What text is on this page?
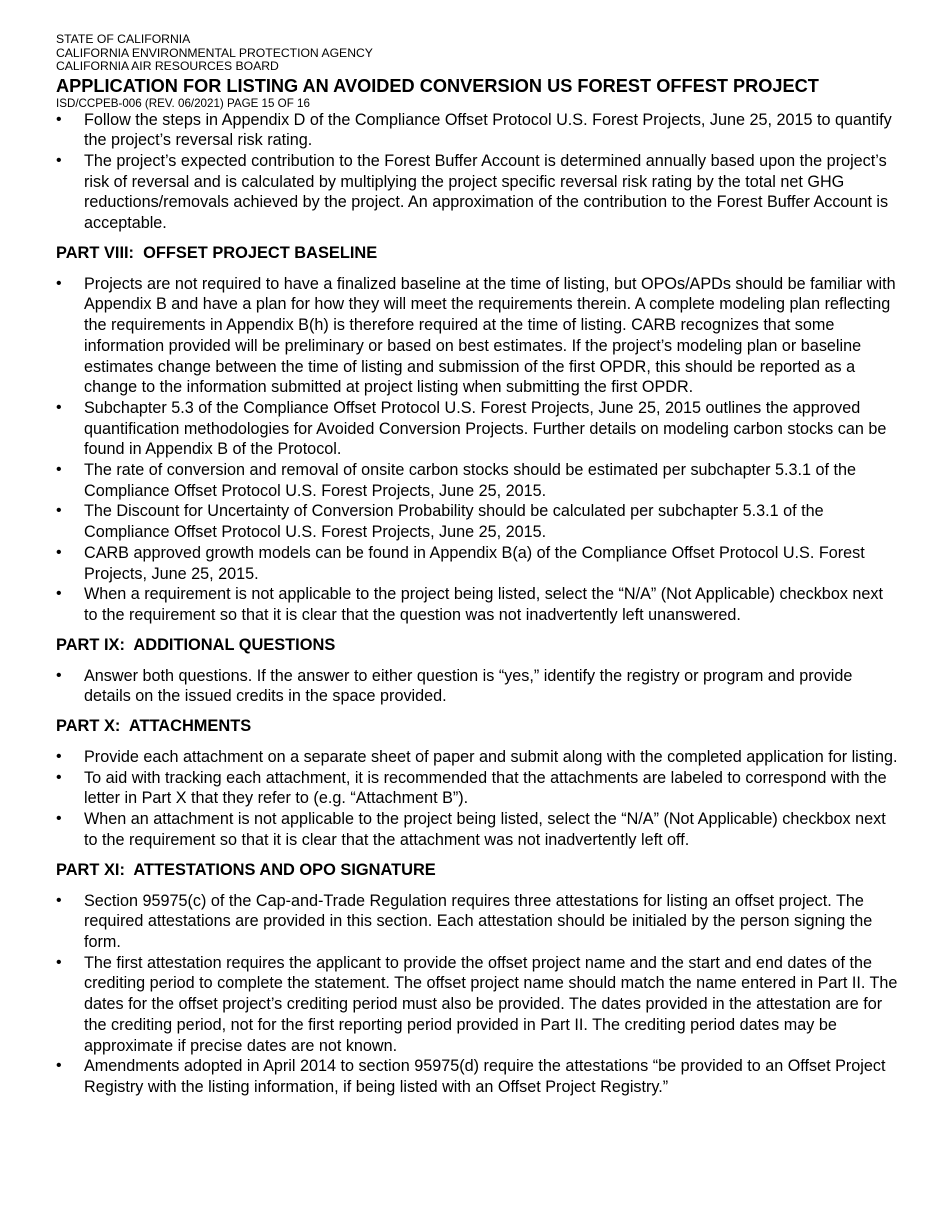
STATE OF CALIFORNIA
CALIFORNIA ENVIRONMENTAL PROTECTION AGENCY
CALIFORNIA AIR RESOURCES BOARD
APPLICATION FOR LISTING AN AVOIDED CONVERSION US FOREST OFFEST PROJECT
ISD/CCPEB-006 (REV. 06/2021) PAGE 15 OF 16
• Follow the steps in Appendix D of the Compliance Offset Protocol U.S. Forest Projects, June 25, 2015 to quantify the project’s reversal risk rating.
• The project’s expected contribution to the Forest Buffer Account is determined annually based upon the project’s risk of reversal and is calculated by multiplying the project specific reversal risk rating by the total net GHG reductions/removals achieved by the project. An approximation of the contribution to the Forest Buffer Account is acceptable.
PART VIII:  OFFSET PROJECT BASELINE
• Projects are not required to have a finalized baseline at the time of listing, but OPOs/APDs should be familiar with Appendix B and have a plan for how they will meet the requirements therein. A complete modeling plan reflecting the requirements in Appendix B(h) is therefore required at the time of listing. CARB recognizes that some information provided will be preliminary or based on best estimates. If the project’s modeling plan or baseline estimates change between the time of listing and submission of the first OPDR, this should be reported as a change to the information submitted at project listing when submitting the first OPDR.
• Subchapter 5.3 of the Compliance Offset Protocol U.S. Forest Projects, June 25, 2015 outlines the approved quantification methodologies for Avoided Conversion Projects. Further details on modeling carbon stocks can be found in Appendix B of the Protocol.
• The rate of conversion and removal of onsite carbon stocks should be estimated per subchapter 5.3.1 of the Compliance Offset Protocol U.S. Forest Projects, June 25, 2015.
• The Discount for Uncertainty of Conversion Probability should be calculated per subchapter 5.3.1 of the Compliance Offset Protocol U.S. Forest Projects, June 25, 2015.
• CARB approved growth models can be found in Appendix B(a) of the Compliance Offset Protocol U.S. Forest Projects, June 25, 2015.
• When a requirement is not applicable to the project being listed, select the “N/A” (Not Applicable) checkbox next to the requirement so that it is clear that the question was not inadvertently left unanswered.
PART IX:  ADDITIONAL QUESTIONS
• Answer both questions. If the answer to either question is “yes,” identify the registry or program and provide details on the issued credits in the space provided.
PART X:  ATTACHMENTS
• Provide each attachment on a separate sheet of paper and submit along with the completed application for listing.
• To aid with tracking each attachment, it is recommended that the attachments are labeled to correspond with the letter in Part X that they refer to (e.g. “Attachment B”).
• When an attachment is not applicable to the project being listed, select the “N/A” (Not Applicable) checkbox next to the requirement so that it is clear that the attachment was not inadvertently left off.
PART XI:  ATTESTATIONS AND OPO SIGNATURE
• Section 95975(c) of the Cap-and-Trade Regulation requires three attestations for listing an offset project. The required attestations are provided in this section. Each attestation should be initialed by the person signing the form.
• The first attestation requires the applicant to provide the offset project name and the start and end dates of the crediting period to complete the statement. The offset project name should match the name entered in Part II. The dates for the offset project’s crediting period must also be provided. The dates provided in the attestation are for the crediting period, not for the first reporting period provided in Part II. The crediting period dates may be approximate if precise dates are not known.
• Amendments adopted in April 2014 to section 95975(d) require the attestations “be provided to an Offset Project Registry with the listing information, if being listed with an Offset Project Registry.”
